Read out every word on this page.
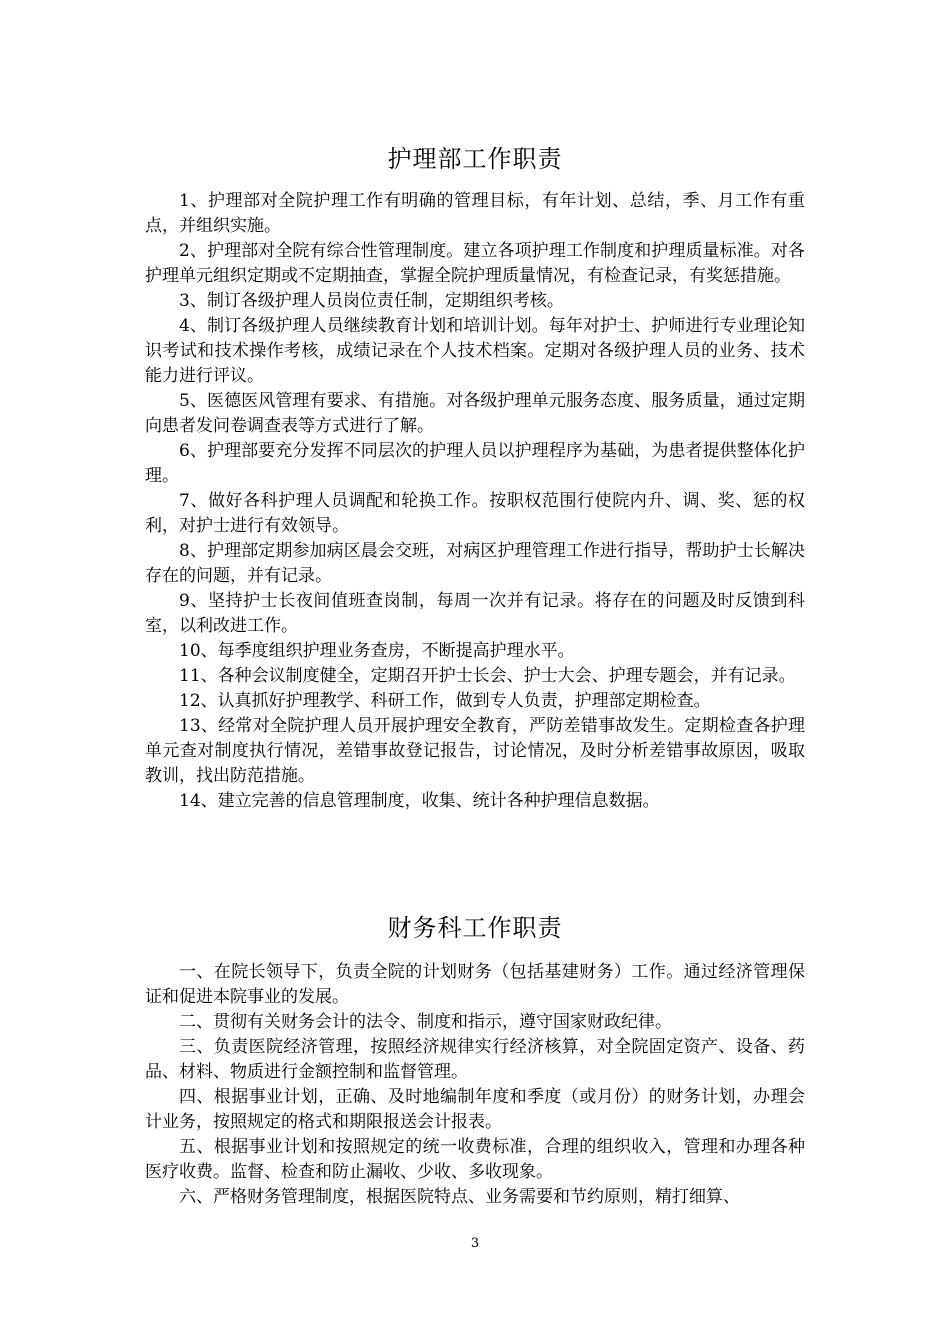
护理部工作职责

1、护理部对全院护理工作有明确的管理目标，有年计划、总结，季、月工作有重点，并组织实施。

2、护理部对全院有综合性管理制度。建立各项护理工作制度和护理质量标准。对各护理单元组织定期或不定期抽查，掌握全院护理质量情况，有检查记录，有奖惩措施。

3、制订各级护理人员岗位责任制，定期组织考核。

4、制订各级护理人员继续教育计划和培训计划。每年对护士、护师进行专业理论知识考试和技术操作考核，成绩记录在个人技术档案。定期对各级护理人员的业务、技术能力进行评议。

5、医德医风管理有要求、有措施。对各级护理单元服务态度、服务质量，通过定期向患者发问卷调查表等方式进行了解。

6、护理部要充分发挥不同层次的护理人员以护理程序为基础，为患者提供整体化护理。

7、做好各科护理人员调配和轮换工作。按职权范围行使院内升、调、奖、惩的权利，对护士进行有效领导。

8、护理部定期参加病区晨会交班，对病区护理管理工作进行指导，帮助护士长解决存在的问题，并有记录。

9、坚持护士长夜间值班查岗制，每周一次并有记录。将存在的问题及时反馈到科室，以利改进工作。

10、每季度组织护理业务查房，不断提高护理水平。

11、各种会议制度健全，定期召开护士长会、护士大会、护理专题会，并有记录。

12、认真抓好护理教学、科研工作，做到专人负责，护理部定期检查。

13、经常对全院护理人员开展护理安全教育，严防差错事故发生。定期检查各护理单元查对制度执行情况，差错事故登记报告，讨论情况，及时分析差错事故原因，吸取教训，找出防范措施。

14、建立完善的信息管理制度，收集、统计各种护理信息数据。

财务科工作职责

一、在院长领导下，负责全院的计划财务（包括基建财务）工作。通过经济管理保证和促进本院事业的发展。

二、贯彻有关财务会计的法令、制度和指示，遵守国家财政纪律。

三、负责医院经济管理，按照经济规律实行经济核算，对全院固定资产、设备、药品、材料、物质进行金额控制和监督管理。

四、根据事业计划，正确、及时地编制年度和季度（或月份）的财务计划，办理会计业务，按照规定的格式和期限报送会计报表。

五、根据事业计划和按照规定的统一收费标准，合理的组织收入，管理和办理各种医疗收费。监督、检查和防止漏收、少收、多收现象。

六、严格财务管理制度，根据医院特点、业务需要和节约原则，精打细算、

3
